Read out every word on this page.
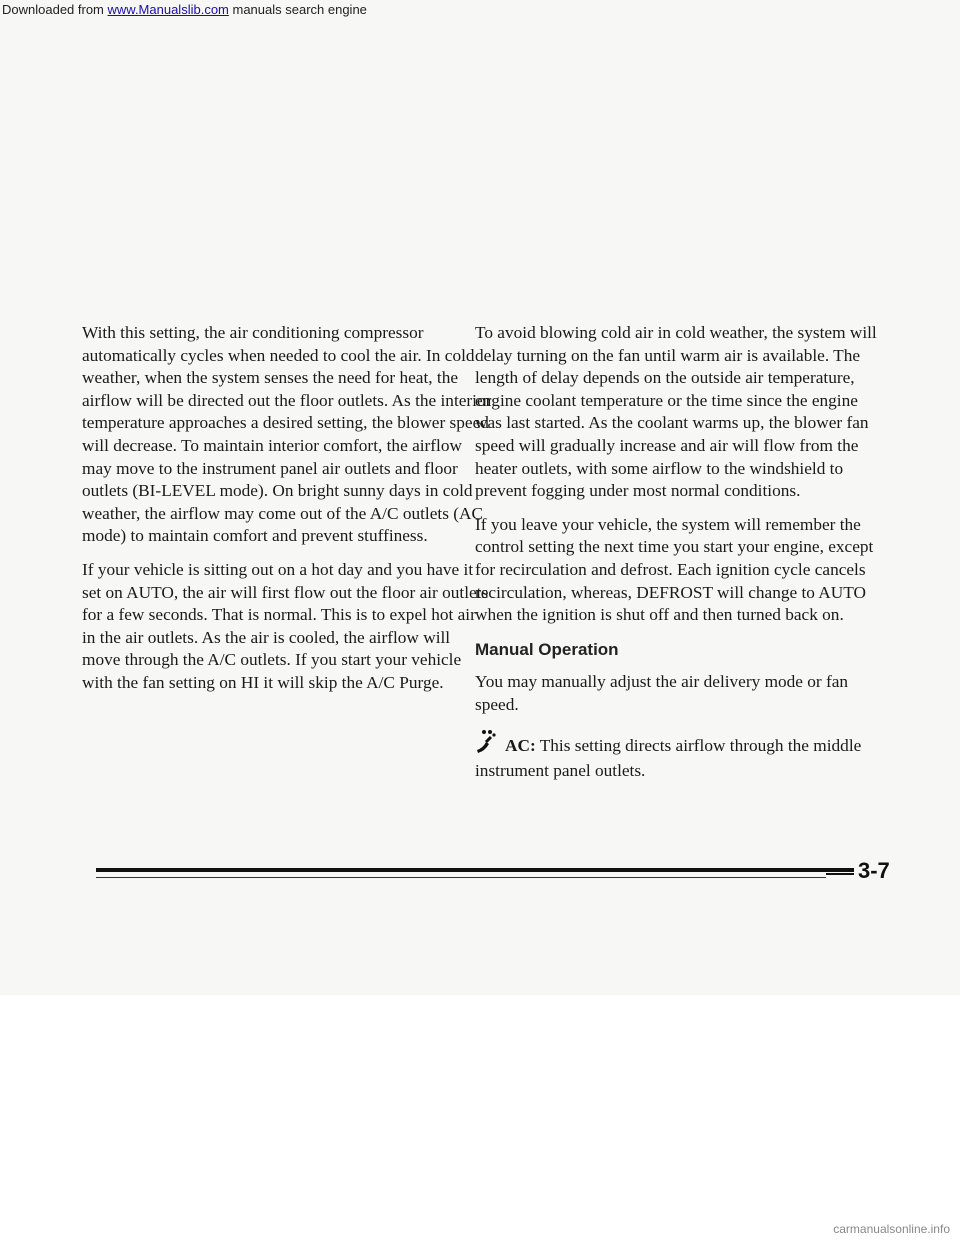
Downloaded from www.Manualslib.com manuals search engine

With this setting, the air conditioning compressor automatically cycles when needed to cool the air. In cold weather, when the system senses the need for heat, the airflow will be directed out the floor outlets. As the interior temperature approaches a desired setting, the blower speed will decrease. To maintain interior comfort, the airflow may move to the instrument panel air outlets and floor outlets (BI-LEVEL mode). On bright sunny days in cold weather, the airflow may come out of the A/C outlets (AC mode) to maintain comfort and prevent stuffiness.

If your vehicle is sitting out on a hot day and you have it set on AUTO, the air will first flow out the floor air outlets for a few seconds. That is normal. This is to expel hot air in the air outlets. As the air is cooled, the airflow will move through the A/C outlets. If you start your vehicle with the fan setting on HI it will skip the A/C Purge.

To avoid blowing cold air in cold weather, the system will delay turning on the fan until warm air is available. The length of delay depends on the outside air temperature, engine coolant temperature or the time since the engine was last started. As the coolant warms up, the blower fan speed will gradually increase and air will flow from the heater outlets, with some airflow to the windshield to prevent fogging under most normal conditions.

If you leave your vehicle, the system will remember the control setting the next time you start your engine, except for recirculation and defrost. Each ignition cycle cancels recirculation, whereas, DEFROST will change to AUTO when the ignition is shut off and then turned back on.

Manual Operation

You may manually adjust the air delivery mode or fan speed.

AC: This setting directs airflow through the middle instrument panel outlets.

3-7
carmanualsonline.info
